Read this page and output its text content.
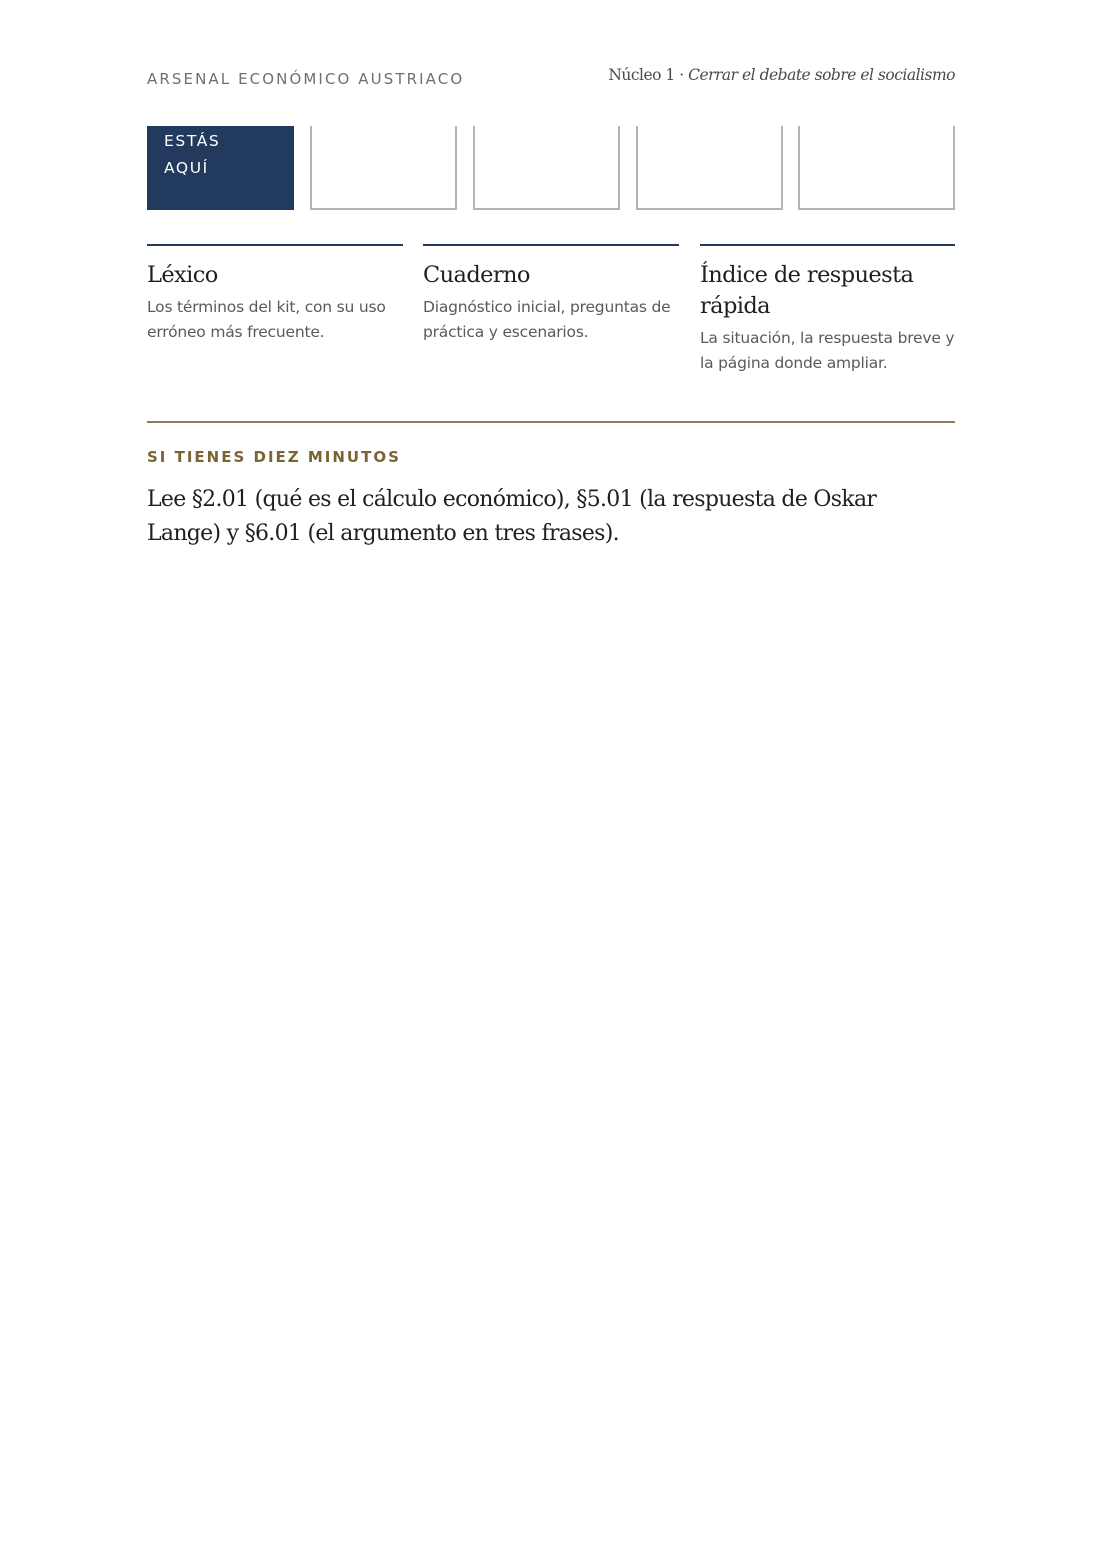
ARSENAL ECONÓMICO AUSTRIACO	Núcleo 1 · Cerrar el debate sobre el socialismo
ESTÁS AQUÍ
Léxico
Los términos del kit, con su uso erróneo más frecuente.
Cuaderno
Diagnóstico inicial, preguntas de práctica y escenarios.
Índice de respuesta rápida
La situación, la respuesta breve y la página donde ampliar.
SI TIENES DIEZ MINUTOS
Lee §2.01 (qué es el cálculo económico), §5.01 (la respuesta de Oskar Lange) y §6.01 (el argumento en tres frases).
